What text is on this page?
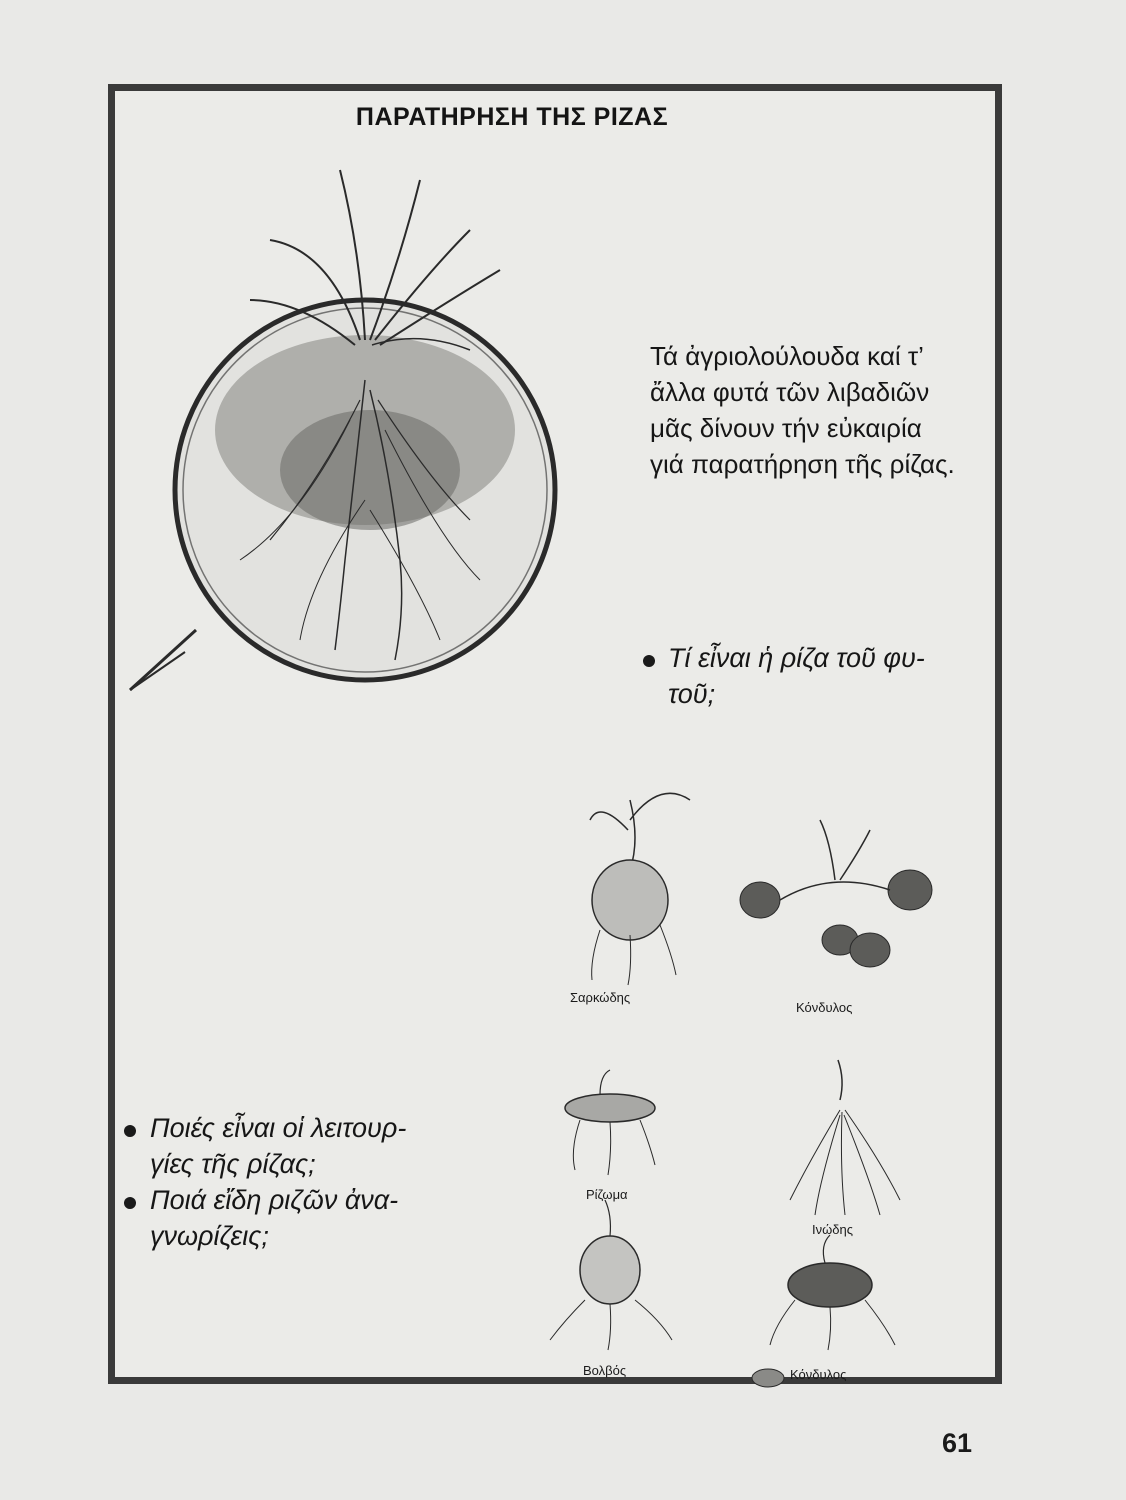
ΠΑΡΑΤΗΡΗΣΗ ΤΗΣ ΡΙΖΑΣ
Τά ἀγριολούλουδα καί τ’
ἄλλα φυτά τῶν λιβαδιῶν
μᾶς δίνουν τήν εὐκαιρία
γιά παρατήρηση τῆς ρίζας.
Τί εἶναι ἡ ρίζα τοῦ φυ-
τοῦ;
Ποιές εἶναι οἱ λειτουρ-
γίες τῆς ρίζας;
Ποιά εἴδη ριζῶν ἀνα-
γνωρίζεις;
Σαρκώδης
Κόνδυλος
Ρίζωμα
Ινώδης
Βολβός	Κόνδυλος
61
